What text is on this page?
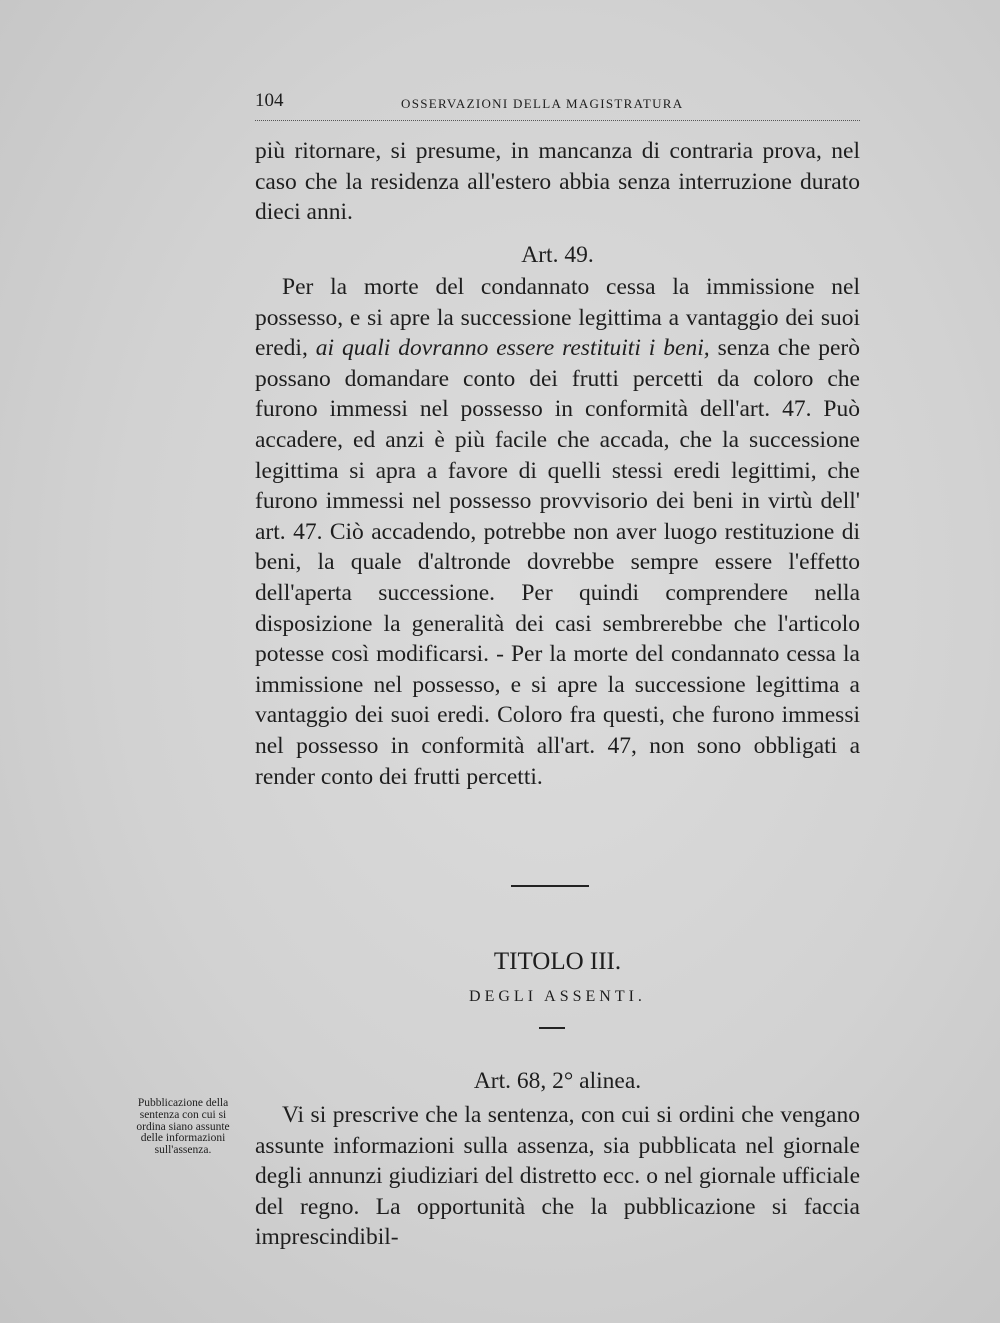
104	OSSERVAZIONI DELLA MAGISTRATURA

più ritornare, si presume, in mancanza di contraria prova, nel caso che la residenza all'estero abbia senza interruzione durato dieci anni.

Art. 49.

Per la morte del condannato cessa la immissione nel possesso, e si apre la successione legittima a vantaggio dei suoi eredi, ai quali dovranno essere restituiti i beni, senza che però possano domandare conto dei frutti percetti da coloro che furono immessi nel possesso in conformità dell'art. 47. Può accadere, ed anzi è più facile che accada, che la successione legittima si apra a favore di quelli stessi eredi legittimi, che furono immessi nel possesso provvisorio dei beni in virtù dell' art. 47. Ciò accadendo, potrebbe non aver luogo restituzione di beni, la quale d'altronde dovrebbe sempre essere l'effetto dell'aperta successione. Per quindi comprendere nella disposizione la generalità dei casi sembrerebbe che l'articolo potesse così modificarsi. - Per la morte del condannato cessa la immissione nel possesso, e si apre la successione legittima a vantaggio dei suoi eredi. Coloro fra questi, che furono immessi nel possesso in conformità all'art. 47, non sono obbligati a render conto dei frutti percetti.

TITOLO III.

DEGLI ASSENTI.

Art. 68, 2° alinea.

Vi si prescrive che la sentenza, con cui si ordini che vengano assunte informazioni sulla assenza, sia pubblicata nel giornale degli annunzi giudiziari del distretto ecc. o nel giornale ufficiale del regno. La opportunità che la pubblicazione si faccia imprescindibil-

Pubblicazione della sentenza con cui si ordina siano assunte delle informazioni sull'assenza.
